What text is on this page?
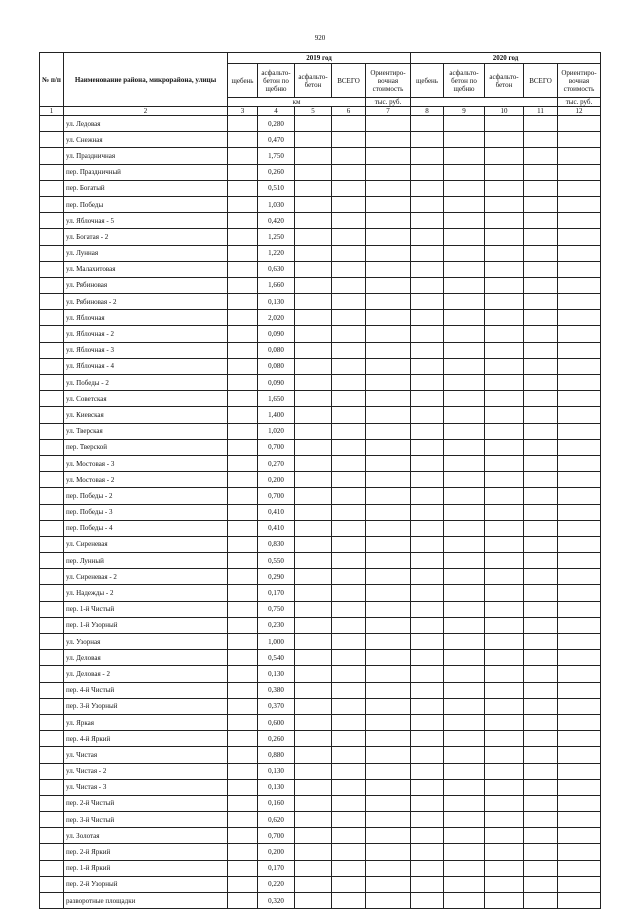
920
№ п/п	Наименование района, микрорайона, улицы	2019 год					2020 год				
		щебень	асфальто-бетон по щебню	асфальто-бетон	ВСЕГО	Ориентиро-вочная стоимость	щебень	асфальто-бетон по щебню	асфальто-бетон	ВСЕГО	Ориентиро-вочная стоимость
		км				тыс. руб.					тыс. руб.
1	2	3	4	5	6	7	8	9	10	11	12
	ул. Ледовая		0,280								
	ул. Снежная		0,470								
	ул. Праздничная		1,750								
	пер. Праздничный		0,260								
	пер. Богатый		0,510								
	пер. Победы		1,030								
	ул. Яблочная - 5		0,420								
	ул. Богатая - 2		1,250								
	ул. Лунная		1,220								
	ул. Малахитовая		0,630								
	ул. Рябиновая		1,660								
	ул. Рябиновая - 2		0,130								
	ул. Яблочная		2,020								
	ул. Яблочная - 2		0,090								
	ул. Яблочная - 3		0,080								
	ул. Яблочная - 4		0,080								
	ул. Победы - 2		0,090								
	ул. Советская		1,650								
	ул. Киевская		1,400								
	ул. Тверская		1,020								
	пер. Тверской		0,700								
	ул. Мостовая - 3		0,270								
	ул. Мостовая - 2		0,200								
	пер. Победы - 2		0,700								
	пер. Победы - 3		0,410								
	пер. Победы - 4		0,410								
	ул. Сиреневая		0,830								
	пер. Лунный		0,550								
	ул. Сиреневая - 2		0,290								
	ул. Надежды - 2		0,170								
	пер. 1-й Чистый		0,750								
	пер. 1-й Узорный		0,230								
	ул. Узорная		1,000								
	ул. Деловая		0,540								
	ул. Деловая - 2		0,130								
	пер. 4-й Чистый		0,380								
	пер. 3-й Узорный		0,370								
	ул. Яркая		0,600								
	пер. 4-й Яркий		0,260								
	ул. Чистая		0,880								
	ул. Чистая - 2		0,130								
	ул. Чистая - 3		0,130								
	пер. 2-й Чистый		0,160								
	пер. 3-й Чистый		0,620								
	ул. Золотая		0,700								
	пер. 2-й Яркий		0,200								
	пер. 1-й Яркий		0,170								
	пер. 2-й Узорный		0,220								
	разворотные площадки		0,320								
